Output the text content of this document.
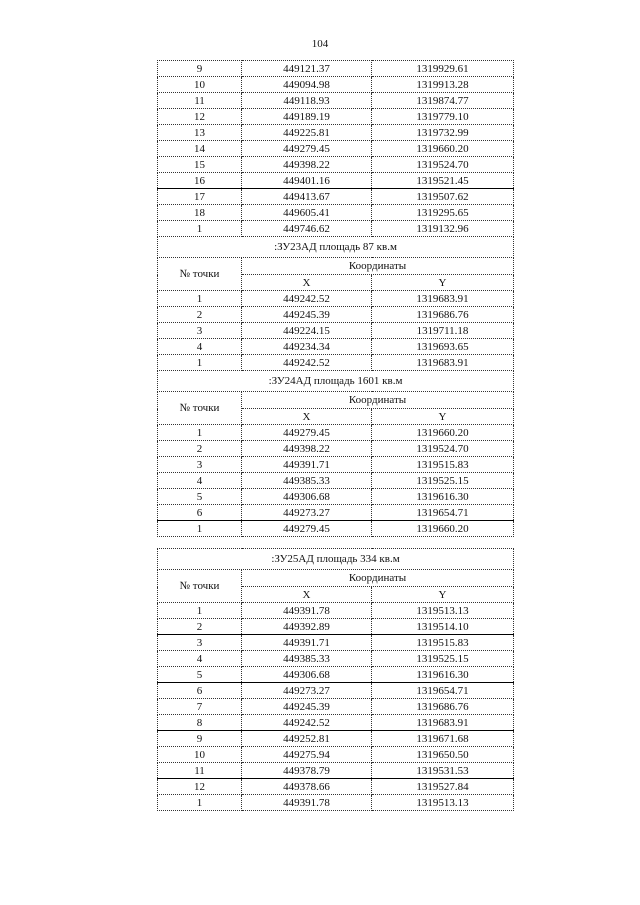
104
9	449121.37	1319929.61
10	449094.98	1319913.28
11	449118.93	1319874.77
12	449189.19	1319779.10
13	449225.81	1319732.99
14	449279.45	1319660.20
15	449398.22	1319524.70
16	449401.16	1319521.45
17	449413.67	1319507.62
18	449605.41	1319295.65
1	449746.62	1319132.96
:ЗУ23АД площадь 87 кв.м		
№ точки	Координаты	
	X	Y
1	449242.52	1319683.91
2	449245.39	1319686.76
3	449224.15	1319711.18
4	449234.34	1319693.65
1	449242.52	1319683.91
:ЗУ24АД площадь 1601 кв.м		
№ точки	Координаты	
	X	Y
1	449279.45	1319660.20
2	449398.22	1319524.70
3	449391.71	1319515.83
4	449385.33	1319525.15
5	449306.68	1319616.30
6	449273.27	1319654.71
1	449279.45	1319660.20
:ЗУ25АД площадь 334 кв.м		
№ точки	Координаты	
	X	Y
1	449391.78	1319513.13
2	449392.89	1319514.10
3	449391.71	1319515.83
4	449385.33	1319525.15
5	449306.68	1319616.30
6	449273.27	1319654.71
7	449245.39	1319686.76
8	449242.52	1319683.91
9	449252.81	1319671.68
10	449275.94	1319650.50
11	449378.79	1319531.53
12	449378.66	1319527.84
1	449391.78	1319513.13
